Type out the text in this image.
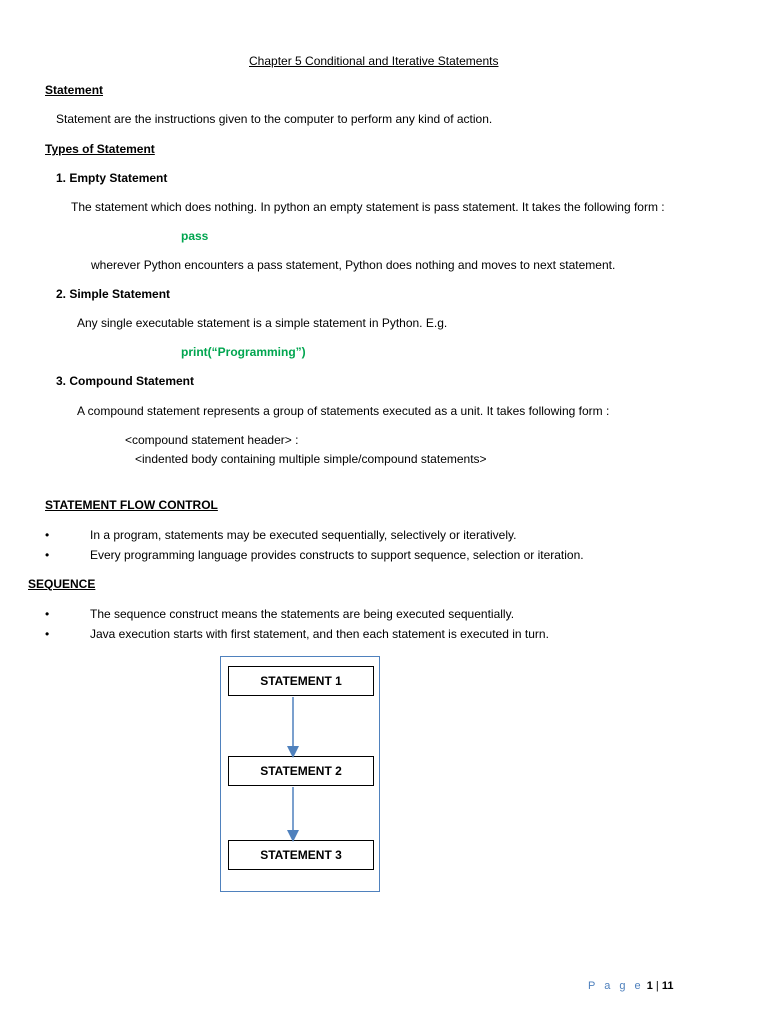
Chapter 5 Conditional and Iterative Statements
Statement
Statement are the instructions given to the computer to perform any kind of action.
Types of Statement
1. Empty Statement
The statement which does nothing. In python an empty statement is pass statement. It takes the following form :
pass
wherever Python encounters a pass statement, Python does nothing and moves to next statement.
2. Simple Statement
Any single executable statement is a simple statement in Python. E.g.
print(“Programming”)
3. Compound Statement
A compound statement represents a group of statements executed as a unit. It takes following form :
<compound statement header> :
<indented body containing multiple simple/compound statements>
STATEMENT FLOW CONTROL
•	In a program, statements may be executed sequentially, selectively or iteratively.
•	Every programming language provides constructs to support sequence, selection or iteration.
SEQUENCE
•	The sequence construct means the statements are being executed sequentially.
•	Java execution starts with first statement, and then each statement is executed in turn.
STATEMENT 1
STATEMENT 2
STATEMENT 3
P a g e 1 | 11
